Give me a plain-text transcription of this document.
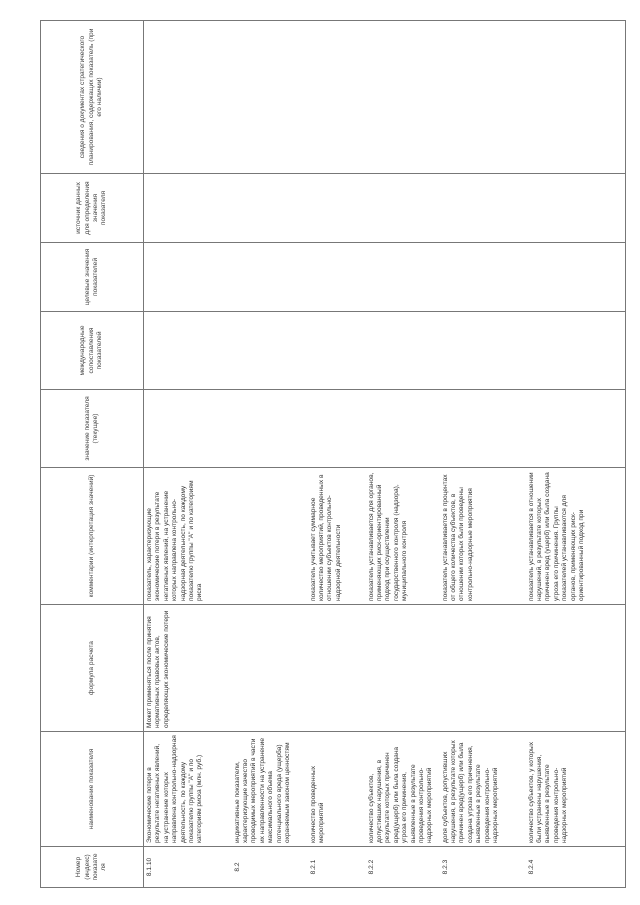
Номер (индекс) показате ля	наименование показателя	формула расчета	комментарии (интерпретация значений)	значение показателя (текущее)	международные сопоставления показателей	целевые значения показателей	источник данных для определения значения показателя	сведения о документах стратегического планирования, содержащих показатель (при его наличии)
8.1.10	Экономические потери в результате негативных явлений, на устранение которых направлена контрольно-надзорная деятельность, по каждому показателю группы "А" и по категориям риска (млн. руб.)	Может применяться после принятия нормативных правовых актов, определяющих экономические потери	показатель, характеризующие экономические потери в результате негативных явлений, на устранение которых направлена контрольно-надзорная деятельность, по каждому показателю группы "А" и по категориям риска					
8.2	индикативные показатели, характеризующие качество проводимых мероприятий в части их направленности на устранение максимального объема потенциального вреда (ущерба) охраняемым законом ценностям							
8.2.1	количество проведенных мероприятий		показатель учитывает суммарное количество мероприятий, проведенных в отношении субъектов контрольно-надзорной деятельности					
8.2.2	количество субъектов, допустивших нарушения, в результате которых причинен вред(ущерб) или была создана угроза его причинения, выявленные в результате проведения контрольно-надзорных мероприятий		показатель устанавливается для органов, применяющих риск-ориентированный подход при осуществлении государственного контроля (надзора), муниципального контроля					
8.2.3	доля субъектов, допустивших нарушения, в результате которых причинен вред(ущерб) или была создана угроза его причинения, выявленные в результате проведения контрольно-надзорных мероприятий		показатель устанавливается в процентах от общего количества субъектов, в отношении которых были проведены контрольно-надзорные мероприятия					
8.2.4	количество субъектов, у которых были устранены нарушения, выявленные в результате проведения контрольно-надзорных мероприятий		показатель устанавливается в отношении нарушений, в результате которых причинен вред (ущерб) или была создана угроза его причинения. Группы показателей устанавливаются для органов, применяющих риск-ориентированный подход при					
